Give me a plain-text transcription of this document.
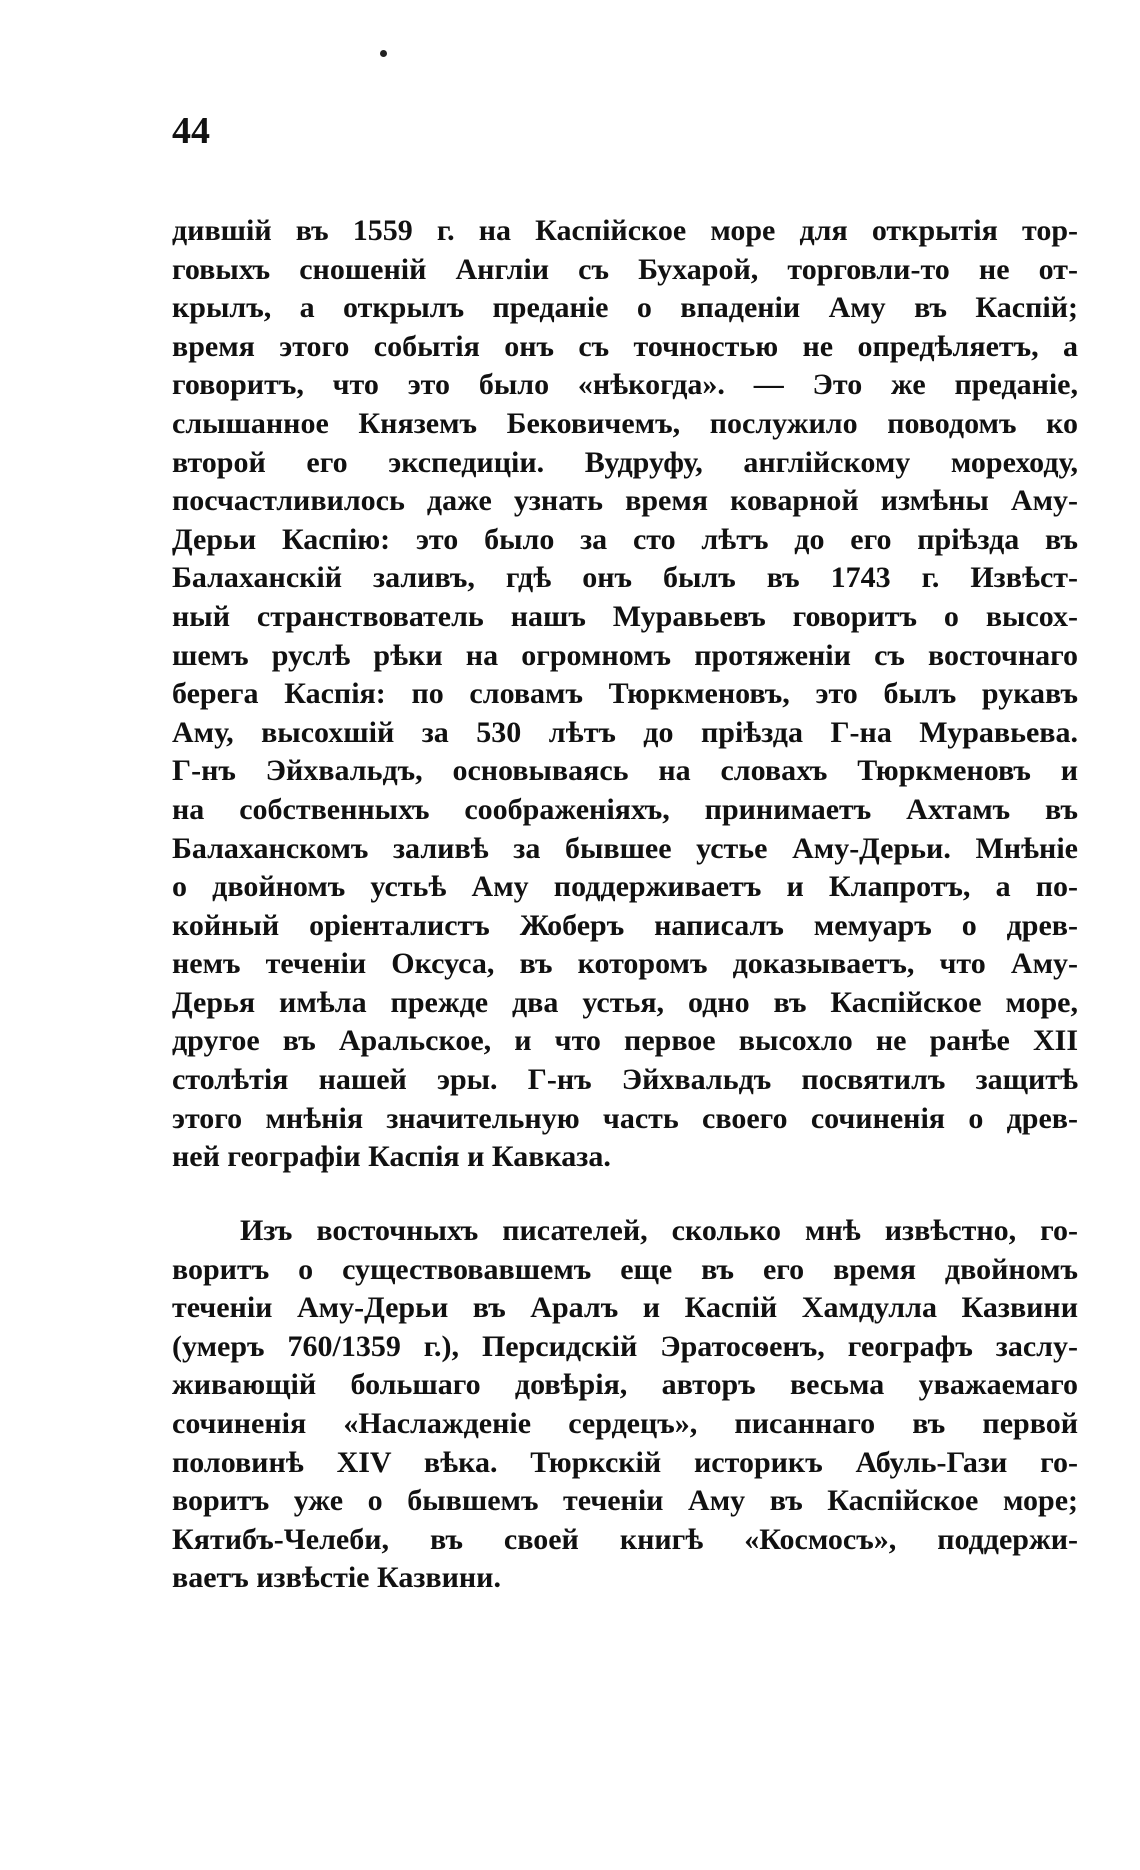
44
дившій въ 1559 г. на Каспійское море для открытія тор-
говыхъ сношеній Англіи съ Бухарой, торговли-то не от-
крылъ, а открылъ преданіе о впаденіи Аму въ Каспій;
время этого событія онъ съ точностью не опредѣляетъ, а
говоритъ, что это было «нѣкогда». — Это же преданіе,
слышанное Княземъ Бековичемъ, послужило поводомъ ко
второй его экспедиціи. Вудруфу, англійскому мореходу,
посчастливилось даже узнать время коварной измѣны Аму-
Дерьи Каспію: это было за сто лѣтъ до его пріѣзда въ
Балаханскій заливъ, гдѣ онъ былъ въ 1743 г. Извѣст-
ный странствователь нашъ Муравьевъ говоритъ о высох-
шемъ руслѣ рѣки на огромномъ протяженіи съ восточнаго
берега Каспія: по словамъ Тюркменовъ, это былъ рукавъ
Аму, высохшій за 530 лѣтъ до пріѣзда Г-на Муравьева.
Г-нъ Эйхвальдъ, основываясь на словахъ Тюркменовъ и
на собственныхъ соображеніяхъ, принимаетъ Ахтамъ въ
Балаханскомъ заливѣ за бывшее устье Аму-Дерьи. Мнѣніе
о двойномъ устьѣ Аму поддерживаетъ и Клапротъ, а по-
койный оріенталистъ Жоберъ написалъ мемуаръ о древ-
немъ теченіи Оксуса, въ которомъ доказываетъ, что Аму-
Дерья имѣла прежде два устья, одно въ Каспійское море,
другое въ Аральское, и что первое высохло не ранѣе XII
столѣтія нашей эры. Г-нъ Эйхвальдъ посвятилъ защитѣ
этого мнѣнія значительную часть своего сочиненія о древ-
ней географіи Каспія и Кавказа.
Изъ восточныхъ писателей, сколько мнѣ извѣстно, го-
воритъ о существовавшемъ еще въ его время двойномъ
теченіи Аму-Дерьи въ Аралъ и Каспій Хамдулла Казвини
(умеръ 760/1359 г.), Персидскій Эратосѳенъ, географъ заслу-
живающій большаго довѣрія, авторъ весьма уважаемаго
сочиненія «Наслажденіе сердецъ», писаннаго въ первой
половинѣ XIV вѣка. Тюркскій историкъ Абуль-Гази го-
воритъ уже о бывшемъ теченіи Аму въ Каспійское море;
Кятибъ-Челеби, въ своей книгѣ «Космосъ», поддержи-
ваетъ извѣстіе Казвини.
